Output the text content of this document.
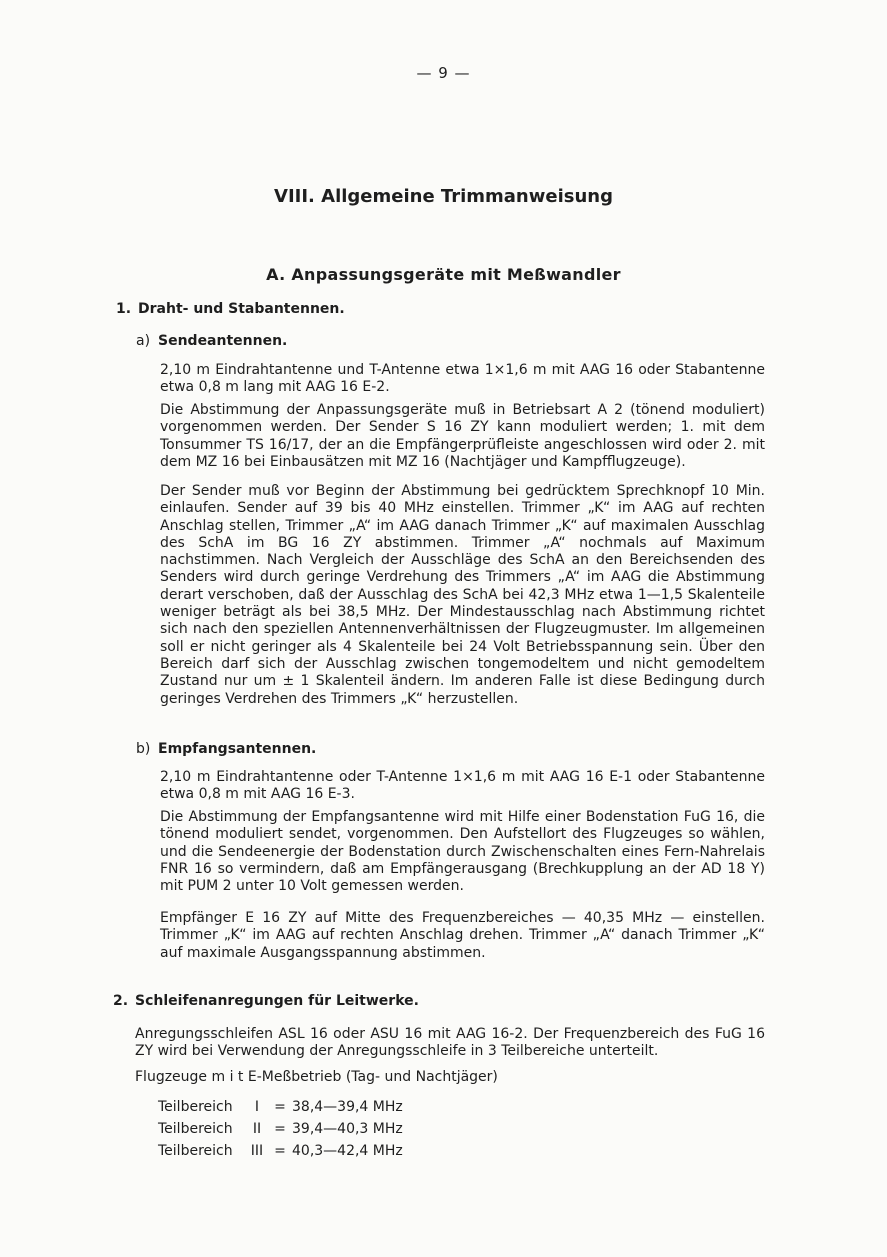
— 9 —
VIII. Allgemeine Trimmanweisung
A. Anpassungsgeräte mit Meßwandler
1. Draht- und Stabantennen.
a) Sendeantennen.
2,10 m Eindrahtantenne und T-Antenne etwa 1×1,6 m mit AAG 16 oder Stabantenne etwa 0,8 m lang mit AAG 16 E-2.
Die Abstimmung der Anpassungsgeräte muß in Betriebsart A 2 (tönend moduliert) vorgenommen werden. Der Sender S 16 ZY kann moduliert werden; 1. mit dem Tonsummer TS 16/17, der an die Empfängerprüfleiste angeschlossen wird oder 2. mit dem MZ 16 bei Einbausätzen mit MZ 16 (Nachtjäger und Kampfflugzeuge).
Der Sender muß vor Beginn der Abstimmung bei gedrücktem Sprechknopf 10 Min. einlaufen. Sender auf 39 bis 40 MHz einstellen. Trimmer „K“ im AAG auf rechten Anschlag stellen, Trimmer „A“ im AAG danach Trimmer „K“ auf maximalen Ausschlag des SchA im BG 16 ZY abstimmen. Trimmer „A“ nochmals auf Maximum nachstimmen. Nach Vergleich der Ausschläge des SchA an den Bereichsenden des Senders wird durch geringe Verdrehung des Trimmers „A“ im AAG die Abstimmung derart verschoben, daß der Ausschlag des SchA bei 42,3 MHz etwa 1—1,5 Skalenteile weniger beträgt als bei 38,5 MHz. Der Mindestausschlag nach Abstimmung richtet sich nach den speziellen Antennenverhältnissen der Flugzeugmuster. Im allgemeinen soll er nicht geringer als 4 Skalenteile bei 24 Volt Betriebsspannung sein. Über den Bereich darf sich der Ausschlag zwischen tongemodeltem und nicht gemodeltem Zustand nur um ± 1 Skalenteil ändern. Im anderen Falle ist diese Bedingung durch geringes Verdrehen des Trimmers „K“ herzustellen.
b) Empfangsantennen.
2,10 m Eindrahtantenne oder T-Antenne 1×1,6 m mit AAG 16 E-1 oder Stabantenne etwa 0,8 m mit AAG 16 E-3.
Die Abstimmung der Empfangsantenne wird mit Hilfe einer Bodenstation FuG 16, die tönend moduliert sendet, vorgenommen. Den Aufstellort des Flugzeuges so wählen, und die Sendeenergie der Bodenstation durch Zwischenschalten eines Fern-Nahrelais FNR 16 so vermindern, daß am Empfängerausgang (Brechkupplung an der AD 18 Y) mit PUM 2 unter 10 Volt gemessen werden.
Empfänger E 16 ZY auf Mitte des Frequenzbereiches — 40,35 MHz — einstellen. Trimmer „K“ im AAG auf rechten Anschlag drehen. Trimmer „A“ danach Trimmer „K“ auf maximale Ausgangsspannung abstimmen.
2. Schleifenanregungen für Leitwerke.
Anregungsschleifen ASL 16 oder ASU 16 mit AAG 16-2. Der Frequenzbereich des FuG 16 ZY wird bei Verwendung der Anregungsschleife in 3 Teilbereiche unterteilt.
Flugzeuge m i t E-Meßbetrieb (Tag- und Nachtjäger)
Teilbereich I = 38,4—39,4 MHz
Teilbereich II = 39,4—40,3 MHz
Teilbereich III = 40,3—42,4 MHz
